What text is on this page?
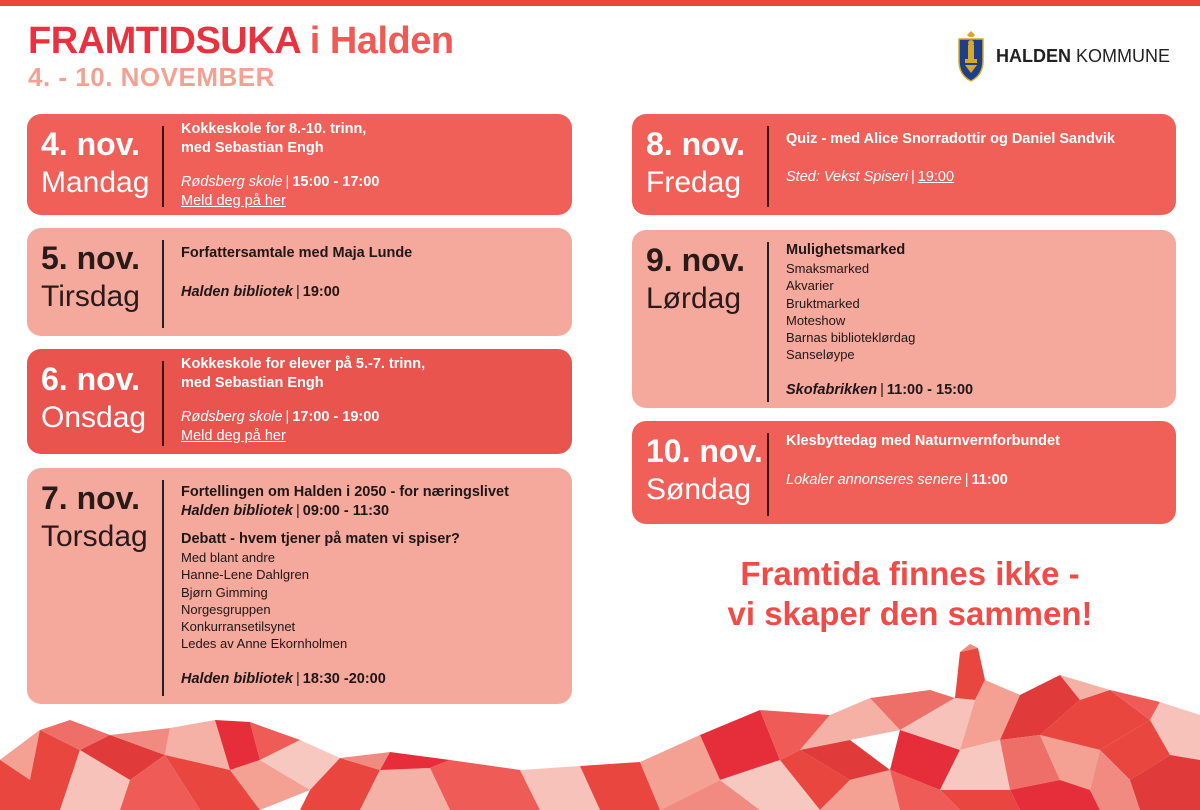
FRAMTIDSUKA i Halden
4. - 10. NOVEMBER
HALDEN KOMMUNE
4. nov.
Mandag
Kokkeskole for 8.-10. trinn,
med Sebastian Engh
Rødsberg skole | 15:00 - 17:00
Meld deg på her
5. nov.
Tirsdag
Forfattersamtale med Maja Lunde
Halden bibliotek | 19:00
6. nov.
Onsdag
Kokkeskole for elever på 5.-7. trinn,
med Sebastian Engh
Rødsberg skole | 17:00 - 19:00
Meld deg på her
7. nov.
Torsdag
Fortellingen om Halden i 2050 - for næringslivet
Halden bibliotek | 09:00 - 11:30
Debatt - hvem tjener på maten vi spiser?
Med blant andre
Hanne-Lene Dahlgren
Bjørn Gimming
Norgesgruppen
Konkurransetilsynet
Ledes av Anne Ekornholmen
Halden bibliotek | 18:30 -20:00
8. nov.
Fredag
Quiz - med Alice Snorradottir og Daniel Sandvik
Sted: Vekst Spiseri | 19:00
9. nov.
Lørdag
Mulighetsmarked
Smaksmarked
Akvarier
Bruktmarked
Moteshow
Barnas biblioteklørdag
Sanseløype
Skofabrikken | 11:00 - 15:00
10. nov.
Søndag
Klesbyttedag med Naturnvernforbundet
Lokaler annonseres senere | 11:00
Framtida finnes ikke -
vi skaper den sammen!
